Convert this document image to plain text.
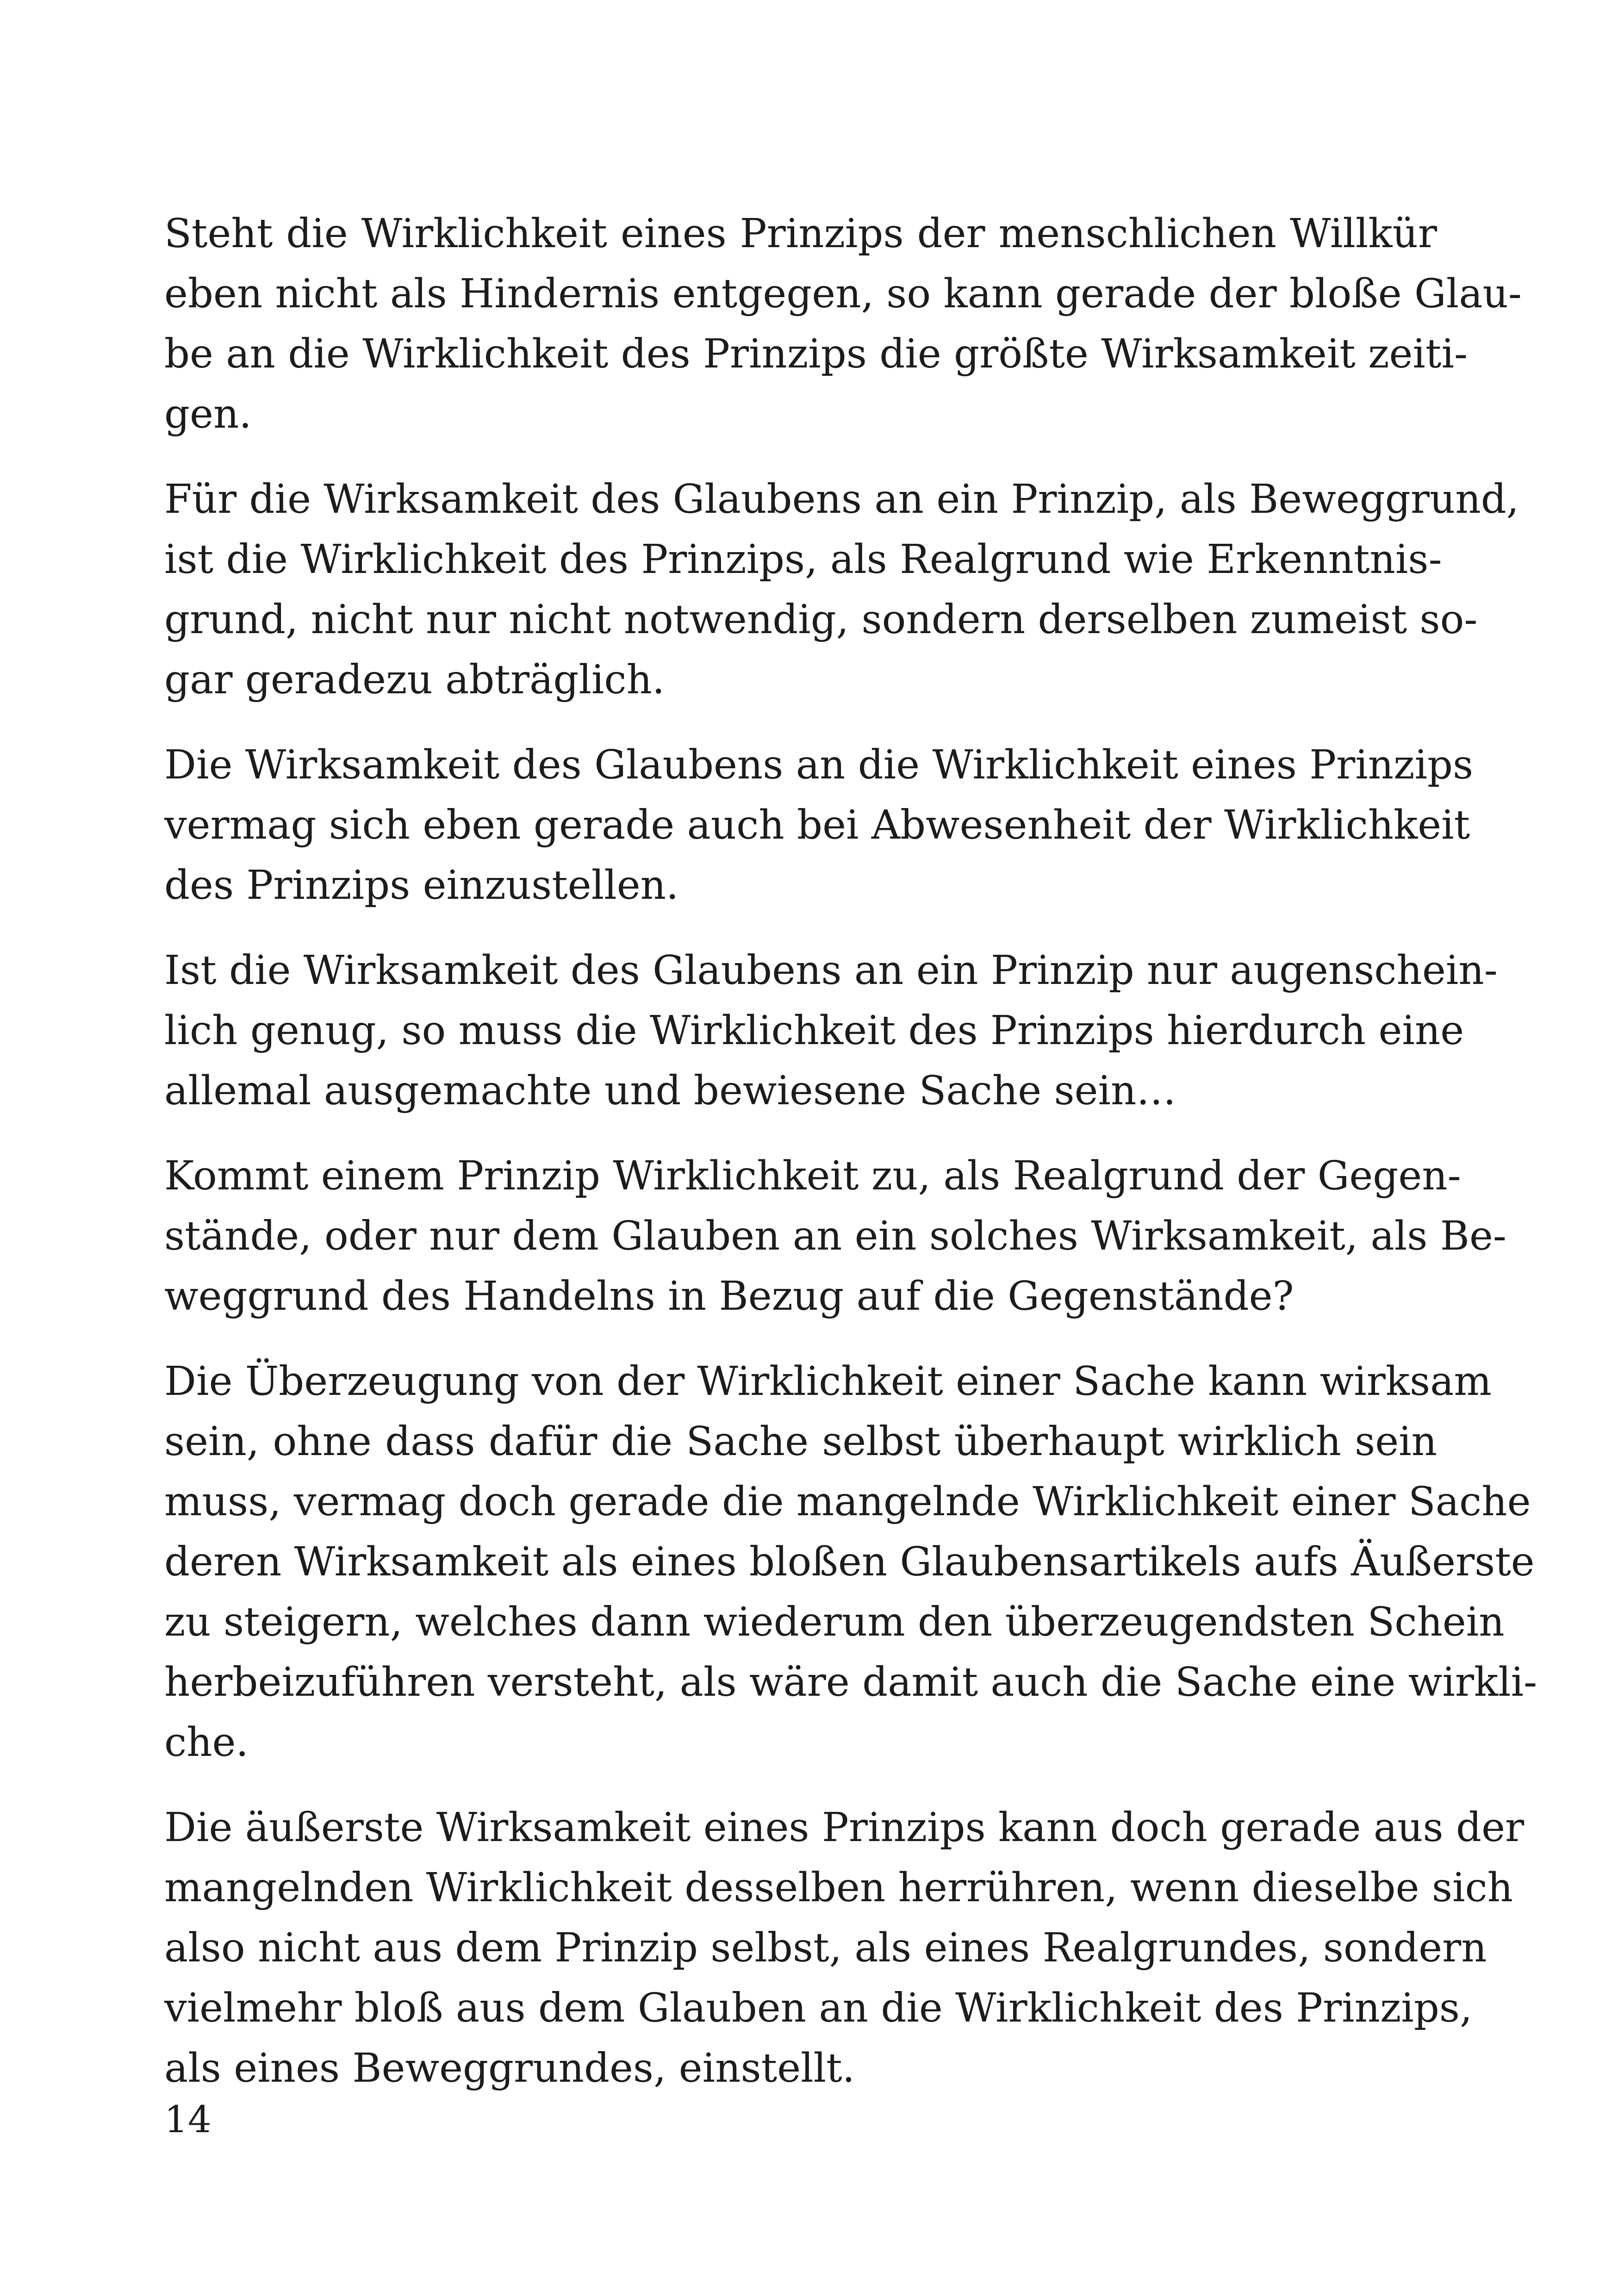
Steht die Wirklichkeit eines Prinzips der menschlichen Willkür
eben nicht als Hindernis entgegen, so kann gerade der bloße Glau-
be an die Wirklichkeit des Prinzips die größte Wirksamkeit zeiti-
gen.

Für die Wirksamkeit des Glaubens an ein Prinzip, als Beweggrund,
ist die Wirklichkeit des Prinzips, als Realgrund wie Erkenntnis-
grund, nicht nur nicht notwendig, sondern derselben zumeist so-
gar geradezu abträglich.

Die Wirksamkeit des Glaubens an die Wirklichkeit eines Prinzips
vermag sich eben gerade auch bei Abwesenheit der Wirklichkeit
des Prinzips einzustellen.

Ist die Wirksamkeit des Glaubens an ein Prinzip nur augenschein-
lich genug, so muss die Wirklichkeit des Prinzips hierdurch eine
allemal ausgemachte und bewiesene Sache sein…

Kommt einem Prinzip Wirklichkeit zu, als Realgrund der Gegen-
stände, oder nur dem Glauben an ein solches Wirksamkeit, als Be-
weggrund des Handelns in Bezug auf die Gegenstände?

Die Überzeugung von der Wirklichkeit einer Sache kann wirksam
sein, ohne dass dafür die Sache selbst überhaupt wirklich sein
muss, vermag doch gerade die mangelnde Wirklichkeit einer Sache
deren Wirksamkeit als eines bloßen Glaubensartikels aufs Äußerste
zu steigern, welches dann wiederum den überzeugendsten Schein
herbeizuführen versteht, als wäre damit auch die Sache eine wirkli-
che.

Die äußerste Wirksamkeit eines Prinzips kann doch gerade aus der
mangelnden Wirklichkeit desselben herrühren, wenn dieselbe sich
also nicht aus dem Prinzip selbst, als eines Realgrundes, sondern
vielmehr bloß aus dem Glauben an die Wirklichkeit des Prinzips,
als eines Beweggrundes, einstellt.

14
